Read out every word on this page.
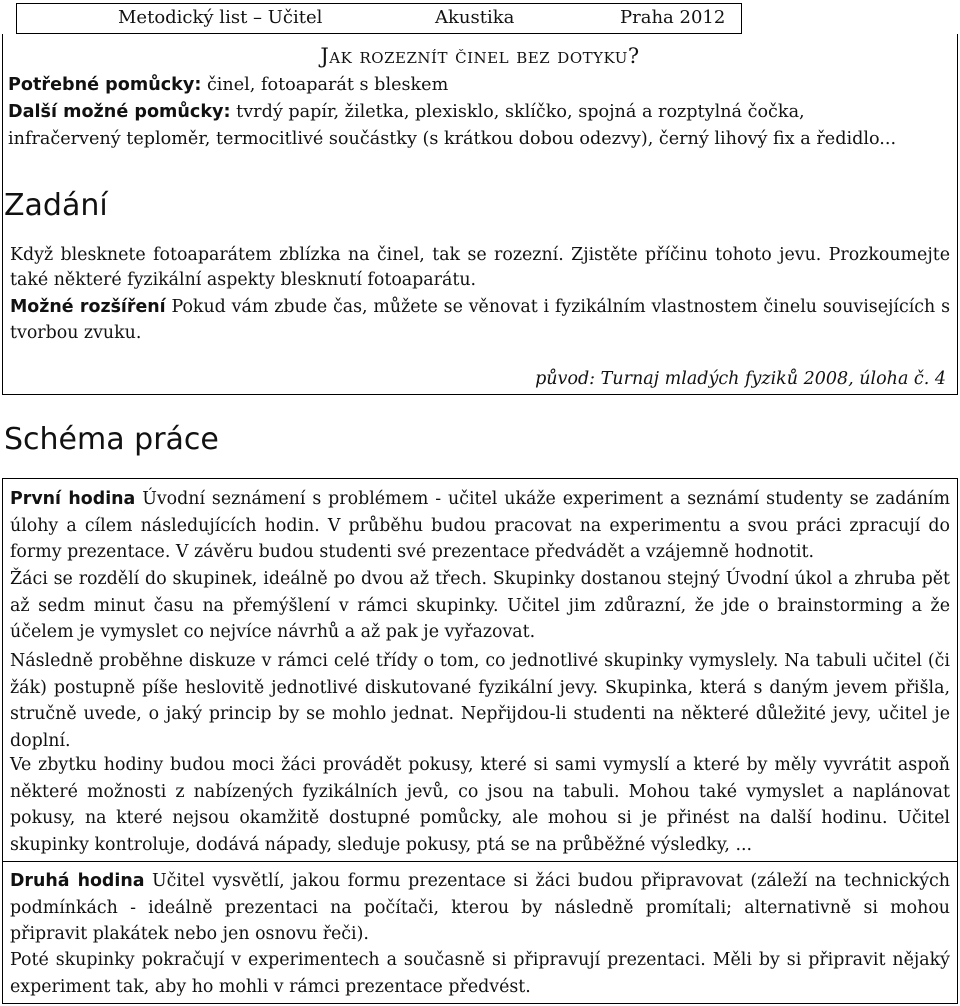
Metodický list – Učitel	Akustika	Praha 2012
Jak rozeznít činel bez dotyku?
Potřebné pomůcky: činel, fotoaparát s bleskem
Další možné pomůcky: tvrdý papír, žiletka, plexisklo, sklíčko, spojná a rozptylná čočka,
infračervený teploměr, termocitlivé součástky (s krátkou dobou odezvy), černý lihový fix a ředidlo...
Zadání
Když blesknete fotoaparátem zblízka na činel, tak se rozezní. Zjistěte příčinu tohoto jevu. Prozkoumejte také některé fyzikální aspekty blesknutí fotoaparátu.
Možné rozšíření Pokud vám zbude čas, můžete se věnovat i fyzikálním vlastnostem činelu souvisejících s tvorbou zvuku.
původ: Turnaj mladých fyziků 2008, úloha č. 4
Schéma práce
První hodina Úvodní seznámení s problémem - učitel ukáže experiment a seznámí studenty se zadáním úlohy a cílem následujících hodin. V průběhu budou pracovat na experimentu a svou práci zpracují do formy prezentace. V závěru budou studenti své prezentace předvádět a vzájemně hodnotit.
Žáci se rozdělí do skupinek, ideálně po dvou až třech. Skupinky dostanou stejný Úvodní úkol a zhruba pět až sedm minut času na přemýšlení v rámci skupinky. Učitel jim zdůrazní, že jde o brainstorming a že účelem je vymyslet co nejvíce návrhů a až pak je vyřazovat.
Následně proběhne diskuze v rámci celé třídy o tom, co jednotlivé skupinky vymyslely. Na tabuli učitel (či žák) postupně píše heslovitě jednotlivé diskutované fyzikální jevy. Skupinka, která s daným jevem přišla, stručně uvede, o jaký princip by se mohlo jednat. Nepřijdou-li studenti na některé důležité jevy, učitel je doplní.
Ve zbytku hodiny budou moci žáci provádět pokusy, které si sami vymyslí a které by měly vyvrátit aspoň některé možnosti z nabízených fyzikálních jevů, co jsou na tabuli. Mohou také vymyslet a naplánovat pokusy, na které nejsou okamžitě dostupné pomůcky, ale mohou si je přinést na další hodinu. Učitel skupinky kontroluje, dodává nápady, sleduje pokusy, ptá se na průběžné výsledky, ...
Druhá hodina Učitel vysvětlí, jakou formu prezentace si žáci budou připravovat (záleží na technických podmínkách - ideálně prezentaci na počítači, kterou by následně promítali; alternativně si mohou připravit plakátek nebo jen osnovu řeči).
Poté skupinky pokračují v experimentech a současně si připravují prezentaci. Měli by si připravit nějaký experiment tak, aby ho mohli v rámci prezentace předvést.
